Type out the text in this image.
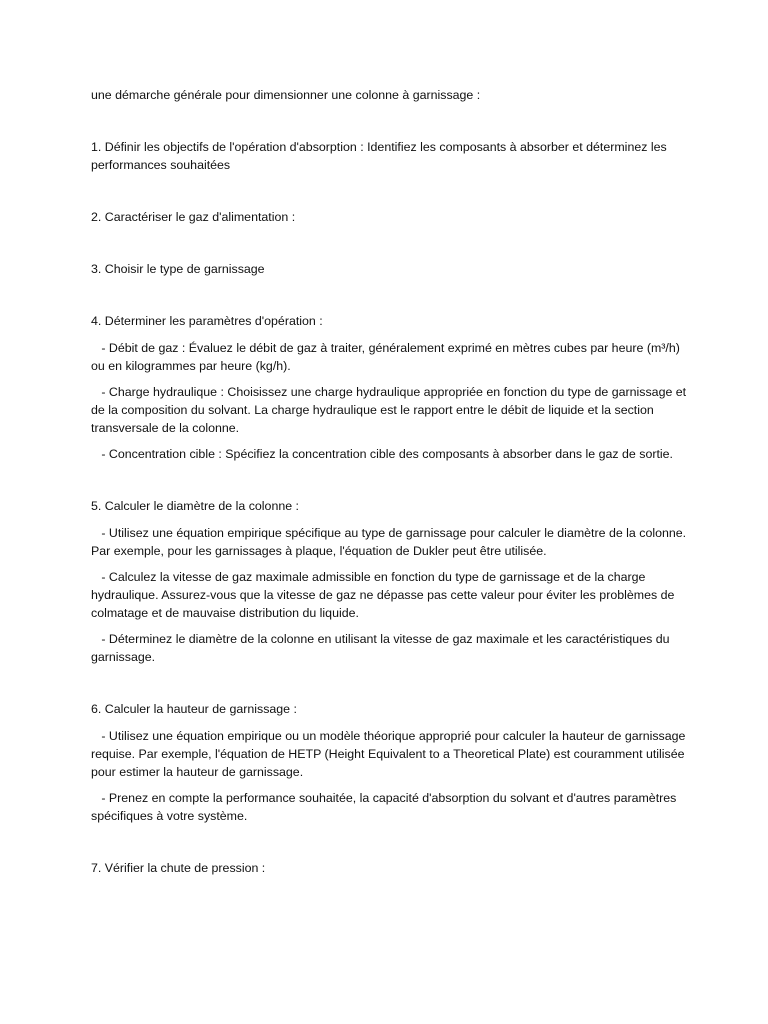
une démarche générale pour dimensionner une colonne à garnissage :

1. Définir les objectifs de l'opération d'absorption : Identifiez les composants à absorber et déterminez les performances souhaitées

2. Caractériser le gaz d'alimentation :

3. Choisir le type de garnissage

4. Déterminer les paramètres d'opération :

- Débit de gaz : Évaluez le débit de gaz à traiter, généralement exprimé en mètres cubes par heure (m³/h) ou en kilogrammes par heure (kg/h).

- Charge hydraulique : Choisissez une charge hydraulique appropriée en fonction du type de garnissage et de la composition du solvant. La charge hydraulique est le rapport entre le débit de liquide et la section transversale de la colonne.

- Concentration cible : Spécifiez la concentration cible des composants à absorber dans le gaz de sortie.

5. Calculer le diamètre de la colonne :

- Utilisez une équation empirique spécifique au type de garnissage pour calculer le diamètre de la colonne. Par exemple, pour les garnissages à plaque, l'équation de Dukler peut être utilisée.

- Calculez la vitesse de gaz maximale admissible en fonction du type de garnissage et de la charge hydraulique. Assurez-vous que la vitesse de gaz ne dépasse pas cette valeur pour éviter les problèmes de colmatage et de mauvaise distribution du liquide.

- Déterminez le diamètre de la colonne en utilisant la vitesse de gaz maximale et les caractéristiques du garnissage.

6. Calculer la hauteur de garnissage :

- Utilisez une équation empirique ou un modèle théorique approprié pour calculer la hauteur de garnissage requise. Par exemple, l'équation de HETP (Height Equivalent to a Theoretical Plate) est couramment utilisée pour estimer la hauteur de garnissage.

- Prenez en compte la performance souhaitée, la capacité d'absorption du solvant et d'autres paramètres spécifiques à votre système.

7. Vérifier la chute de pression :
